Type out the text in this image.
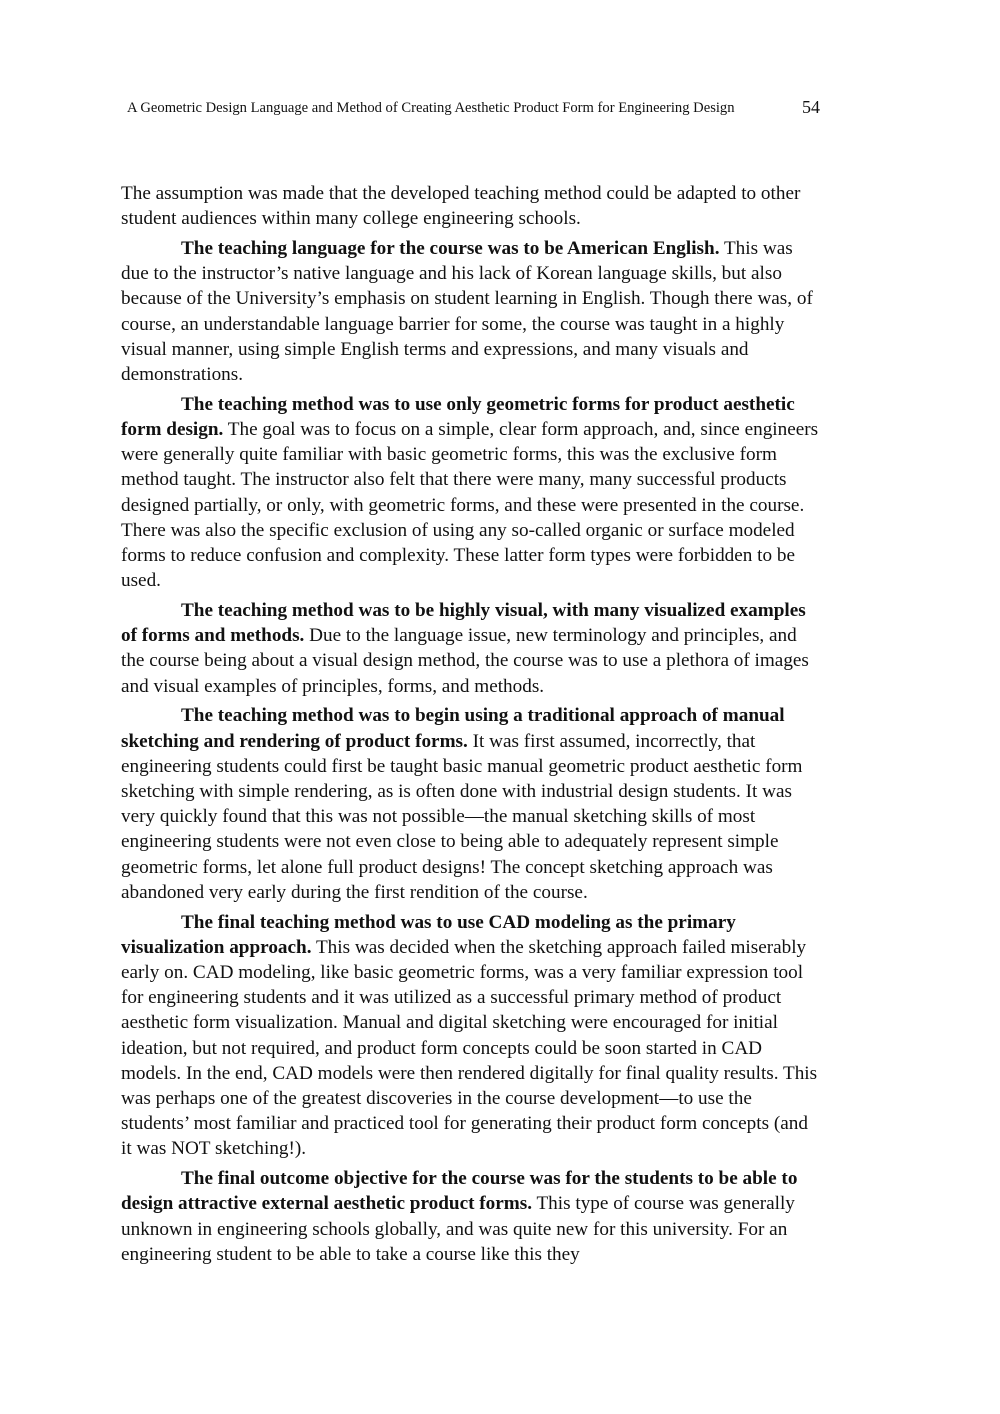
A Geometric Design Language and Method of Creating Aesthetic Product Form for Engineering Design	54

The assumption was made that the developed teaching method could be adapted to other student audiences within many college engineering schools.

The teaching language for the course was to be American English. This was due to the instructor’s native language and his lack of Korean language skills, but also because of the University’s emphasis on student learning in English. Though there was, of course, an understandable language barrier for some, the course was taught in a highly visual manner, using simple English terms and expressions, and many visuals and demonstrations.

The teaching method was to use only geometric forms for product aesthetic form design. The goal was to focus on a simple, clear form approach, and, since engineers were generally quite familiar with basic geometric forms, this was the exclusive form method taught. The instructor also felt that there were many, many successful products designed partially, or only, with geometric forms, and these were presented in the course. There was also the specific exclusion of using any so-called organic or surface modeled forms to reduce confusion and complexity. These latter form types were forbidden to be used.

The teaching method was to be highly visual, with many visualized examples of forms and methods. Due to the language issue, new terminology and principles, and the course being about a visual design method, the course was to use a plethora of images and visual examples of principles, forms, and methods.

The teaching method was to begin using a traditional approach of manual sketching and rendering of product forms. It was first assumed, incorrectly, that engineering students could first be taught basic manual geometric product aesthetic form sketching with simple rendering, as is often done with industrial design students. It was very quickly found that this was not possible—the manual sketching skills of most engineering students were not even close to being able to adequately represent simple geometric forms, let alone full product designs! The concept sketching approach was abandoned very early during the first rendition of the course.

The final teaching method was to use CAD modeling as the primary visualization approach. This was decided when the sketching approach failed miserably early on. CAD modeling, like basic geometric forms, was a very familiar expression tool for engineering students and it was utilized as a successful primary method of product aesthetic form visualization. Manual and digital sketching were encouraged for initial ideation, but not required, and product form concepts could be soon started in CAD models. In the end, CAD models were then rendered digitally for final quality results. This was perhaps one of the greatest discoveries in the course development—to use the students’ most familiar and practiced tool for generating their product form concepts (and it was NOT sketching!).

The final outcome objective for the course was for the students to be able to design attractive external aesthetic product forms. This type of course was generally unknown in engineering schools globally, and was quite new for this university. For an engineering student to be able to take a course like this they
